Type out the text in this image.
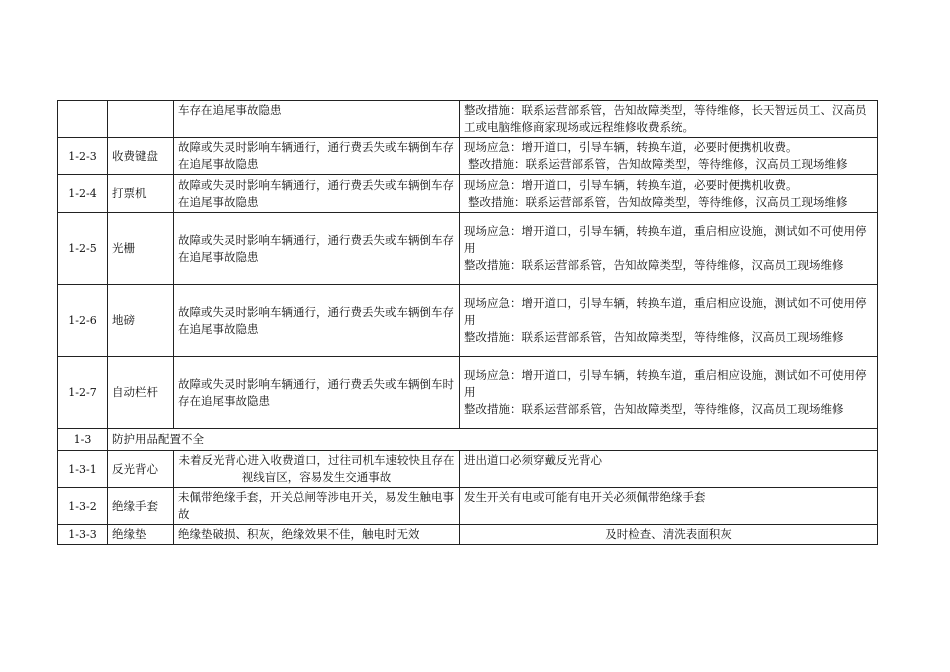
		车存在追尾事故隐患	整改措施：联系运营部系管，告知故障类型，等待维修，长天智远员工、汉高员工或电脑维修商家现场或远程维修收费系统。

1-2-3	收费键盘	故障或失灵时影响车辆通行，通行费丢失或车辆倒车存在追尾事故隐患	现场应急：增开道口，引导车辆，转换车道，必要时便携机收费。
整改措施：联系运营部系管，告知故障类型，等待维修，汉高员工现场维修

1-2-4	打票机	故障或失灵时影响车辆通行，通行费丢失或车辆倒车存在追尾事故隐患	现场应急：增开道口，引导车辆，转换车道，必要时便携机收费。
整改措施：联系运营部系管，告知故障类型，等待维修，汉高员工现场维修

1-2-5	光栅	故障或失灵时影响车辆通行，通行费丢失或车辆倒车存在追尾事故隐患	现场应急：增开道口，引导车辆，转换车道，重启相应设施，测试如不可使用停用
整改措施：联系运营部系管，告知故障类型，等待维修，汉高员工现场维修

1-2-6	地磅	故障或失灵时影响车辆通行，通行费丢失或车辆倒车存在追尾事故隐患	现场应急：增开道口，引导车辆，转换车道，重启相应设施，测试如不可使用停用
整改措施：联系运营部系管，告知故障类型，等待维修，汉高员工现场维修

1-2-7	自动栏杆	故障或失灵时影响车辆通行，通行费丢失或车辆倒车时存在追尾事故隐患	现场应急：增开道口，引导车辆，转换车道，重启相应设施，测试如不可使用停用
整改措施：联系运营部系管，告知故障类型，等待维修，汉高员工现场维修

1-3	防护用品配置不全		
1-3-1	反光背心	未着反光背心进入收费道口，过往司机车速较快且存在视线盲区，容易发生交通事故	进出道口必须穿戴反光背心
1-3-2	绝缘手套	未佩带绝缘手套，开关总闸等涉电开关，易发生触电事故	发生开关有电或可能有电开关必须佩带绝缘手套
1-3-3	绝缘垫	绝缘垫破损、积灰，绝缘效果不佳，触电时无效	及时检查、清洗表面积灰
